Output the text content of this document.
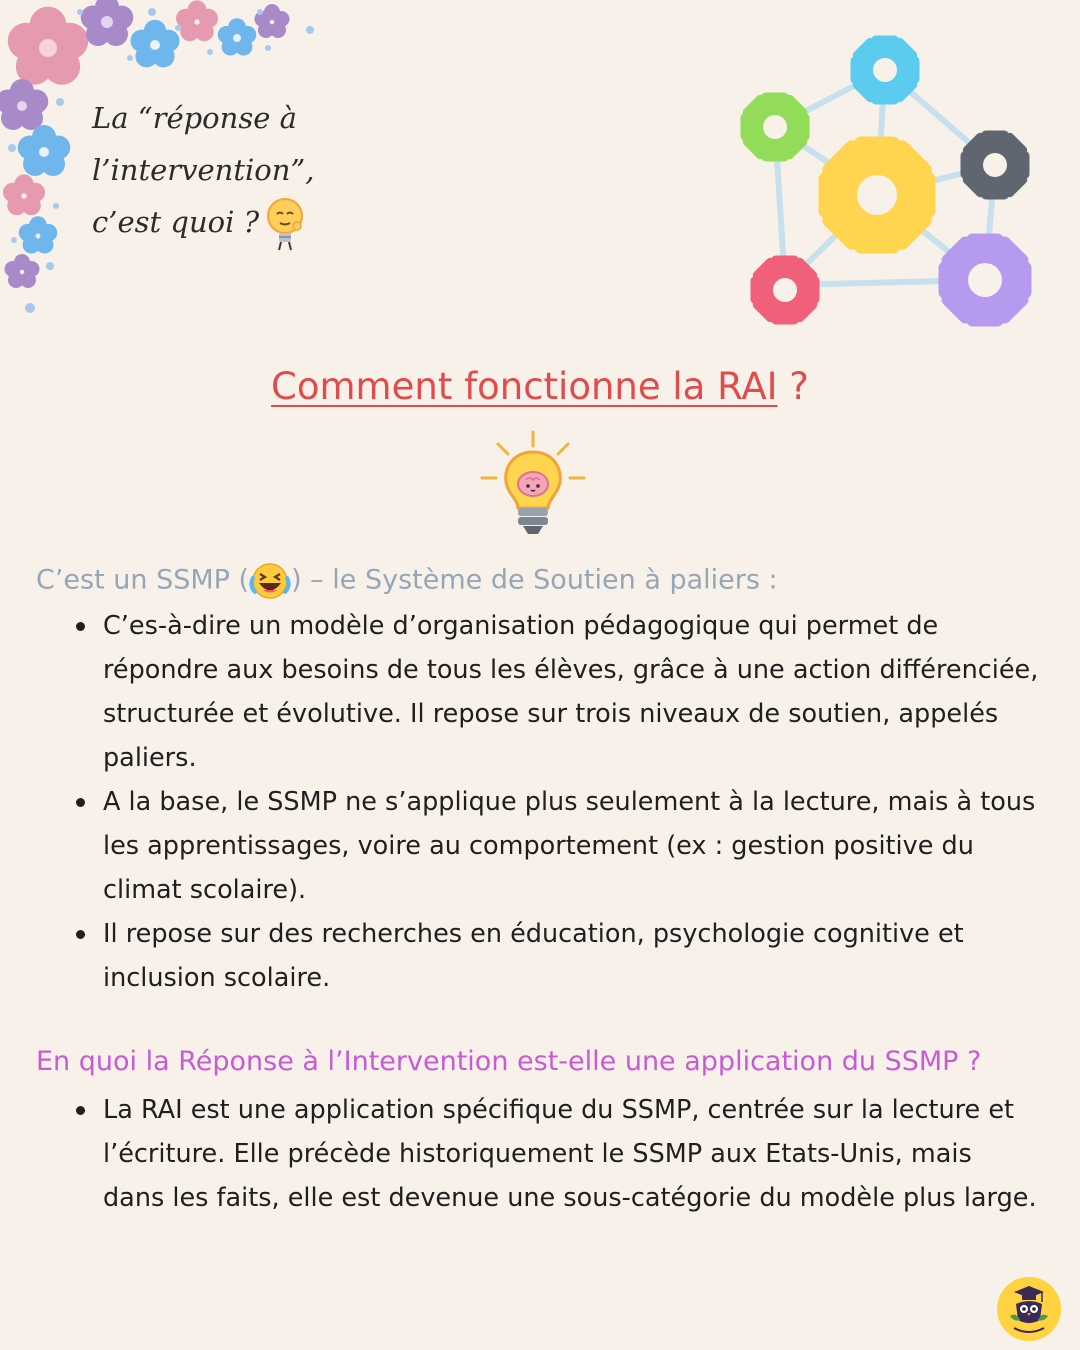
La “réponse à
l’intervention”,
c’est quoi ?
Comment fonctionne la RAI ?
C’est un SSMP ( ) – le Système de Soutien à paliers :
C’es-à-dire un modèle d’organisation pédagogique qui permet de répondre aux besoins de tous les élèves, grâce à une action différenciée, structurée et évolutive. Il repose sur trois niveaux de soutien, appelés paliers.
A la base, le SSMP ne s’applique plus seulement à la lecture, mais à tous les apprentissages, voire au comportement (ex : gestion positive du climat scolaire).
Il repose sur des recherches en éducation, psychologie cognitive et inclusion scolaire.
En quoi la Réponse à l’Intervention est-elle une application du SSMP ?
La RAI est une application spécifique du SSMP, centrée sur la lecture et l’écriture. Elle précède historiquement le SSMP aux Etats-Unis, mais dans les faits, elle est devenue une sous-catégorie du modèle plus large.
